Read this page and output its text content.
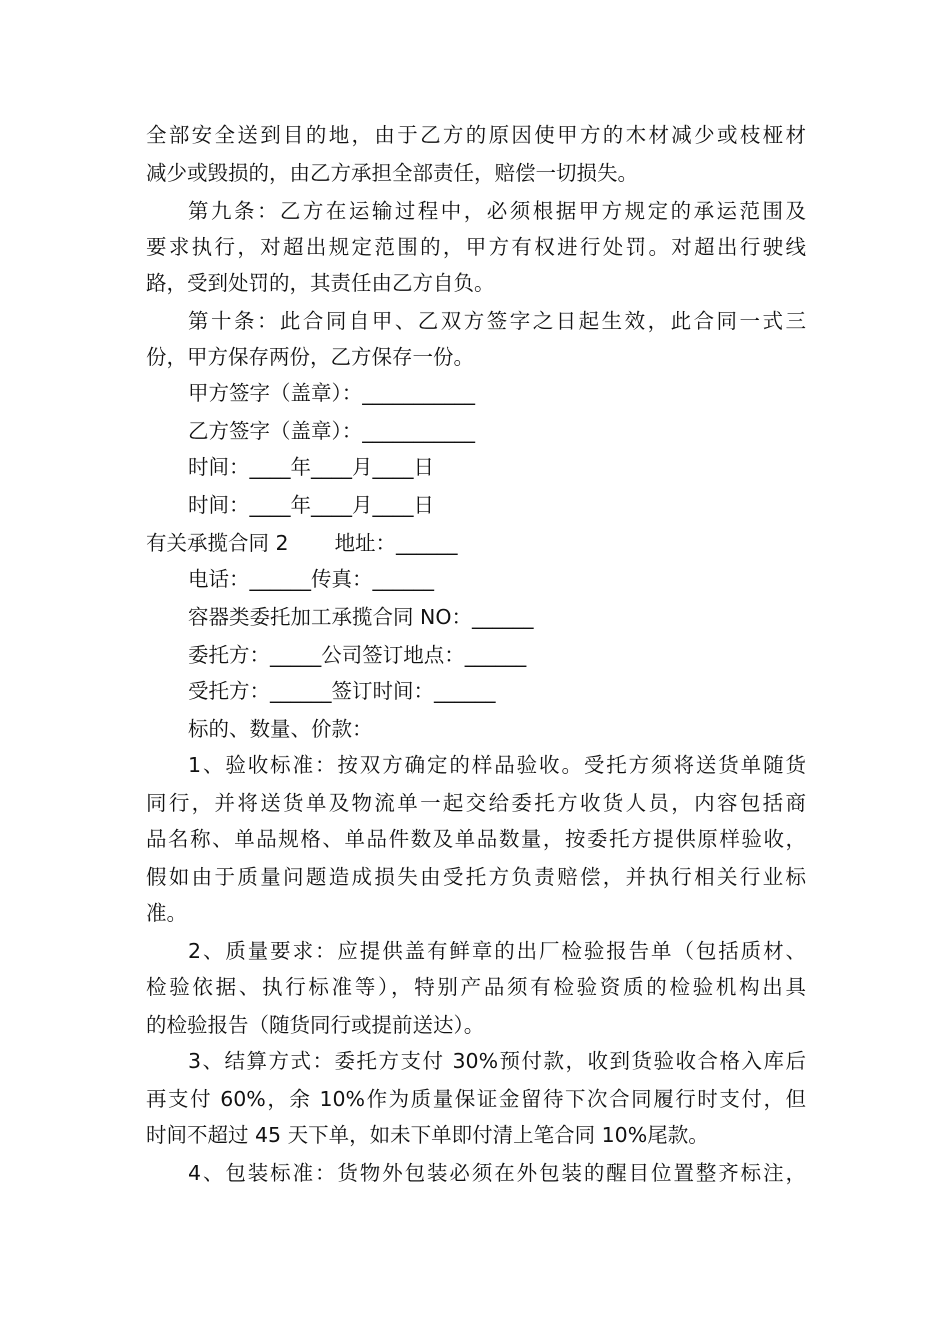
全部安全送到目的地，由于乙方的原因使甲方的木材减少或枝桠材
减少或毁损的，由乙方承担全部责任，赔偿一切损失。
第九条：乙方在运输过程中，必须根据甲方规定的承运范围及
要求执行，对超出规定范围的，甲方有权进行处罚。对超出行驶线
路，受到处罚的，其责任由乙方自负。
第十条：此合同自甲、乙双方签字之日起生效，此合同一式三
份，甲方保存两份，乙方保存一份。
甲方签字（盖章）：___________
乙方签字（盖章）：___________
时间：____年____月____日
时间：____年____月____日
有关承揽合同 2 地址：______
电话：______传真：______
容器类委托加工承揽合同 NO：______
委托方：_____公司签订地点：______
受托方：______签订时间：______
标的、数量、价款：
1、验收标准：按双方确定的样品验收。受托方须将送货单随货
同行，并将送货单及物流单一起交给委托方收货人员，内容包括商
品名称、单品规格、单品件数及单品数量，按委托方提供原样验收，
假如由于质量问题造成损失由受托方负责赔偿，并执行相关行业标
准。
2、质量要求：应提供盖有鲜章的出厂检验报告单（包括质材、
检验依据、执行标准等），特别产品须有检验资质的检验机构出具
的检验报告（随货同行或提前送达）。
3、结算方式：委托方支付 30%预付款，收到货验收合格入库后
再支付 60%，余 10%作为质量保证金留待下次合同履行时支付，但
时间不超过 45 天下单，如未下单即付清上笔合同 10%尾款。
4、包装标准：货物外包装必须在外包装的醒目位置整齐标注，
